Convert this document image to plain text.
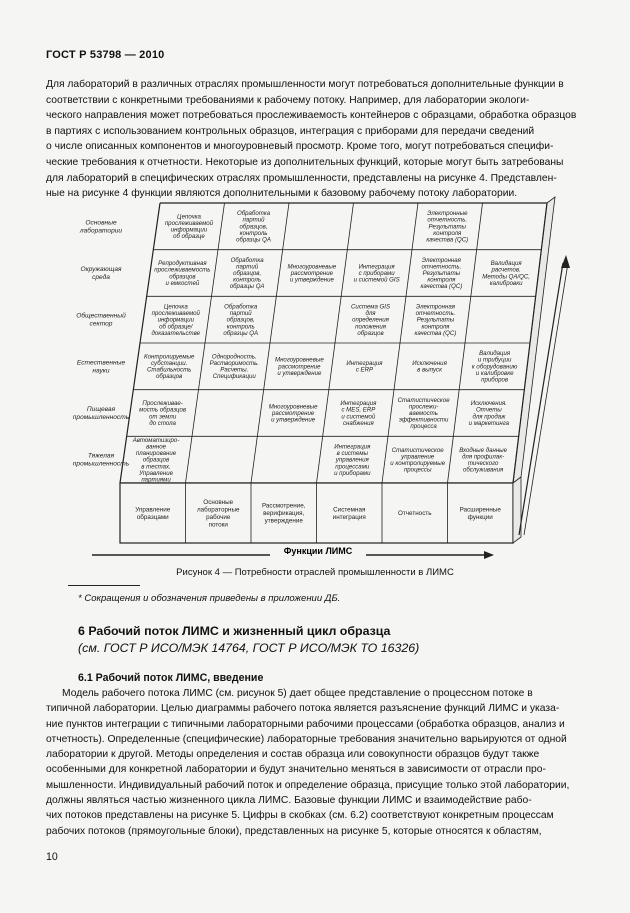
ГОСТ Р 53798 — 2010
Для лабораторий в различных отраслях промышленности могут потребоваться дополнительные функции в
соответствии с конкретными требованиями к рабочему потоку. Например, для лаборатории экологи-
ческого направления может потребоваться прослеживаемость контейнеров с образцами, обработка образцов
в партиях с использованием контрольных образцов, интеграция с приборами для передачи сведений
о числе описанных компонентов и многоуровневый просмотр. Кроме того, могут потребоваться специфи-
ческие требования к отчетности. Некоторые из дополнительных функций, которые могут быть затребованы
для лабораторий в специфических отраслях промышленности, представлены на рисунке 4. Представлен-
ные на рисунке 4 функции являются дополнительными к базовому рабочему потоку лаборатории.
Основные лаборатории
Окружающая среда
Общественный сектор
Естественные науки
Пищевая промышленность
Тяжелая промышленность
Цепочка прослеживаемой информации об образце
Обработка партий образцов, контроль образцы QA
Электронные отчетность. Результаты контроля качества (QC)
Репродуктивная прослеживаемость образцов и емкостей
Обработка партий образцов, контроль образцы QA
Многоуровневые рассмотрение и утверждение
Интеграция с приборами и системой GIS
Электронная отчетность. Результаты контроля качества (QC)
Валидация расчетов. Методы QA/QC, калибровки
Цепочка прослеживаемой информации об образце/ доказательстве
Обработка партий образцов, контроль образцы QA
Система GIS для определения положения образцов
Электронная отчетность. Результаты контроля качества (QC)
Контролируемые субстанции. Стабильность образцов
Однородность. Растворимость. Расчеты. Спецификации
Многоуровневые рассмотрение и утверждение
Интеграция с ERP
Исключения в выпуск
Валидация и трибуции к оборудованию и калибровке приборов
Прослеживае-мость образцов от земли до стола
Многоуровневые рассмотрение и утверждение
Интеграция с MES, ERP и системой снабжения
Статистическое прослежи-ваемость эффективности процесса
Исключения. Отчеты для продаж и маркетинга
Автоматизиро-ванное планирование образцов в тестах. Управление партиями
Интеграция в системы управления процессами и приборами
Статистическое управление и контролируемые процессы
Входные данные для профилак-тического обслуживания
Управление образцами
Основные лабораторные рабочие потоки
Рассмотрение, верификация, утверждение
Системная интеграция
Отчетность
Расширенные функции
Функции ЛИМС
Рисунок 4 — Потребности отраслей промышленности в ЛИМС
* Сокращения и обозначения приведены в приложении ДБ.
6 Рабочий поток ЛИМС и жизненный цикл образца
(см. ГОСТ Р ИСО/МЭК 14764, ГОСТ Р ИСО/МЭК ТО 16326)
6.1 Рабочий поток ЛИМС, введение
Модель рабочего потока ЛИМС (см. рисунок 5) дает общее представление о процессном потоке в
типичной лаборатории. Целью диаграммы рабочего потока является разъяснение функций ЛИМС и указа-
ние пунктов интеграции с типичными лабораторными рабочими процессами (обработка образцов, анализ и
отчетность). Определенные (специфические) лабораторные требования значительно варьируются от одной
лаборатории к другой. Методы определения и состав образца или совокупности образцов будут также
особенными для конкретной лаборатории и будут значительно меняться в зависимости от отрасли про-
мышленности. Индивидуальный рабочий поток и определение образца, присущие только этой лаборатории,
должны являться частью жизненного цикла ЛИМС. Базовые функции ЛИМС и взаимодействие рабо-
чих потоков представлены на рисунке 5. Цифры в скобках (см. 6.2) соответствуют конкретным процессам
рабочих потоков (прямоугольные блоки), представленных на рисунке 5, которые относятся к областям,
10
